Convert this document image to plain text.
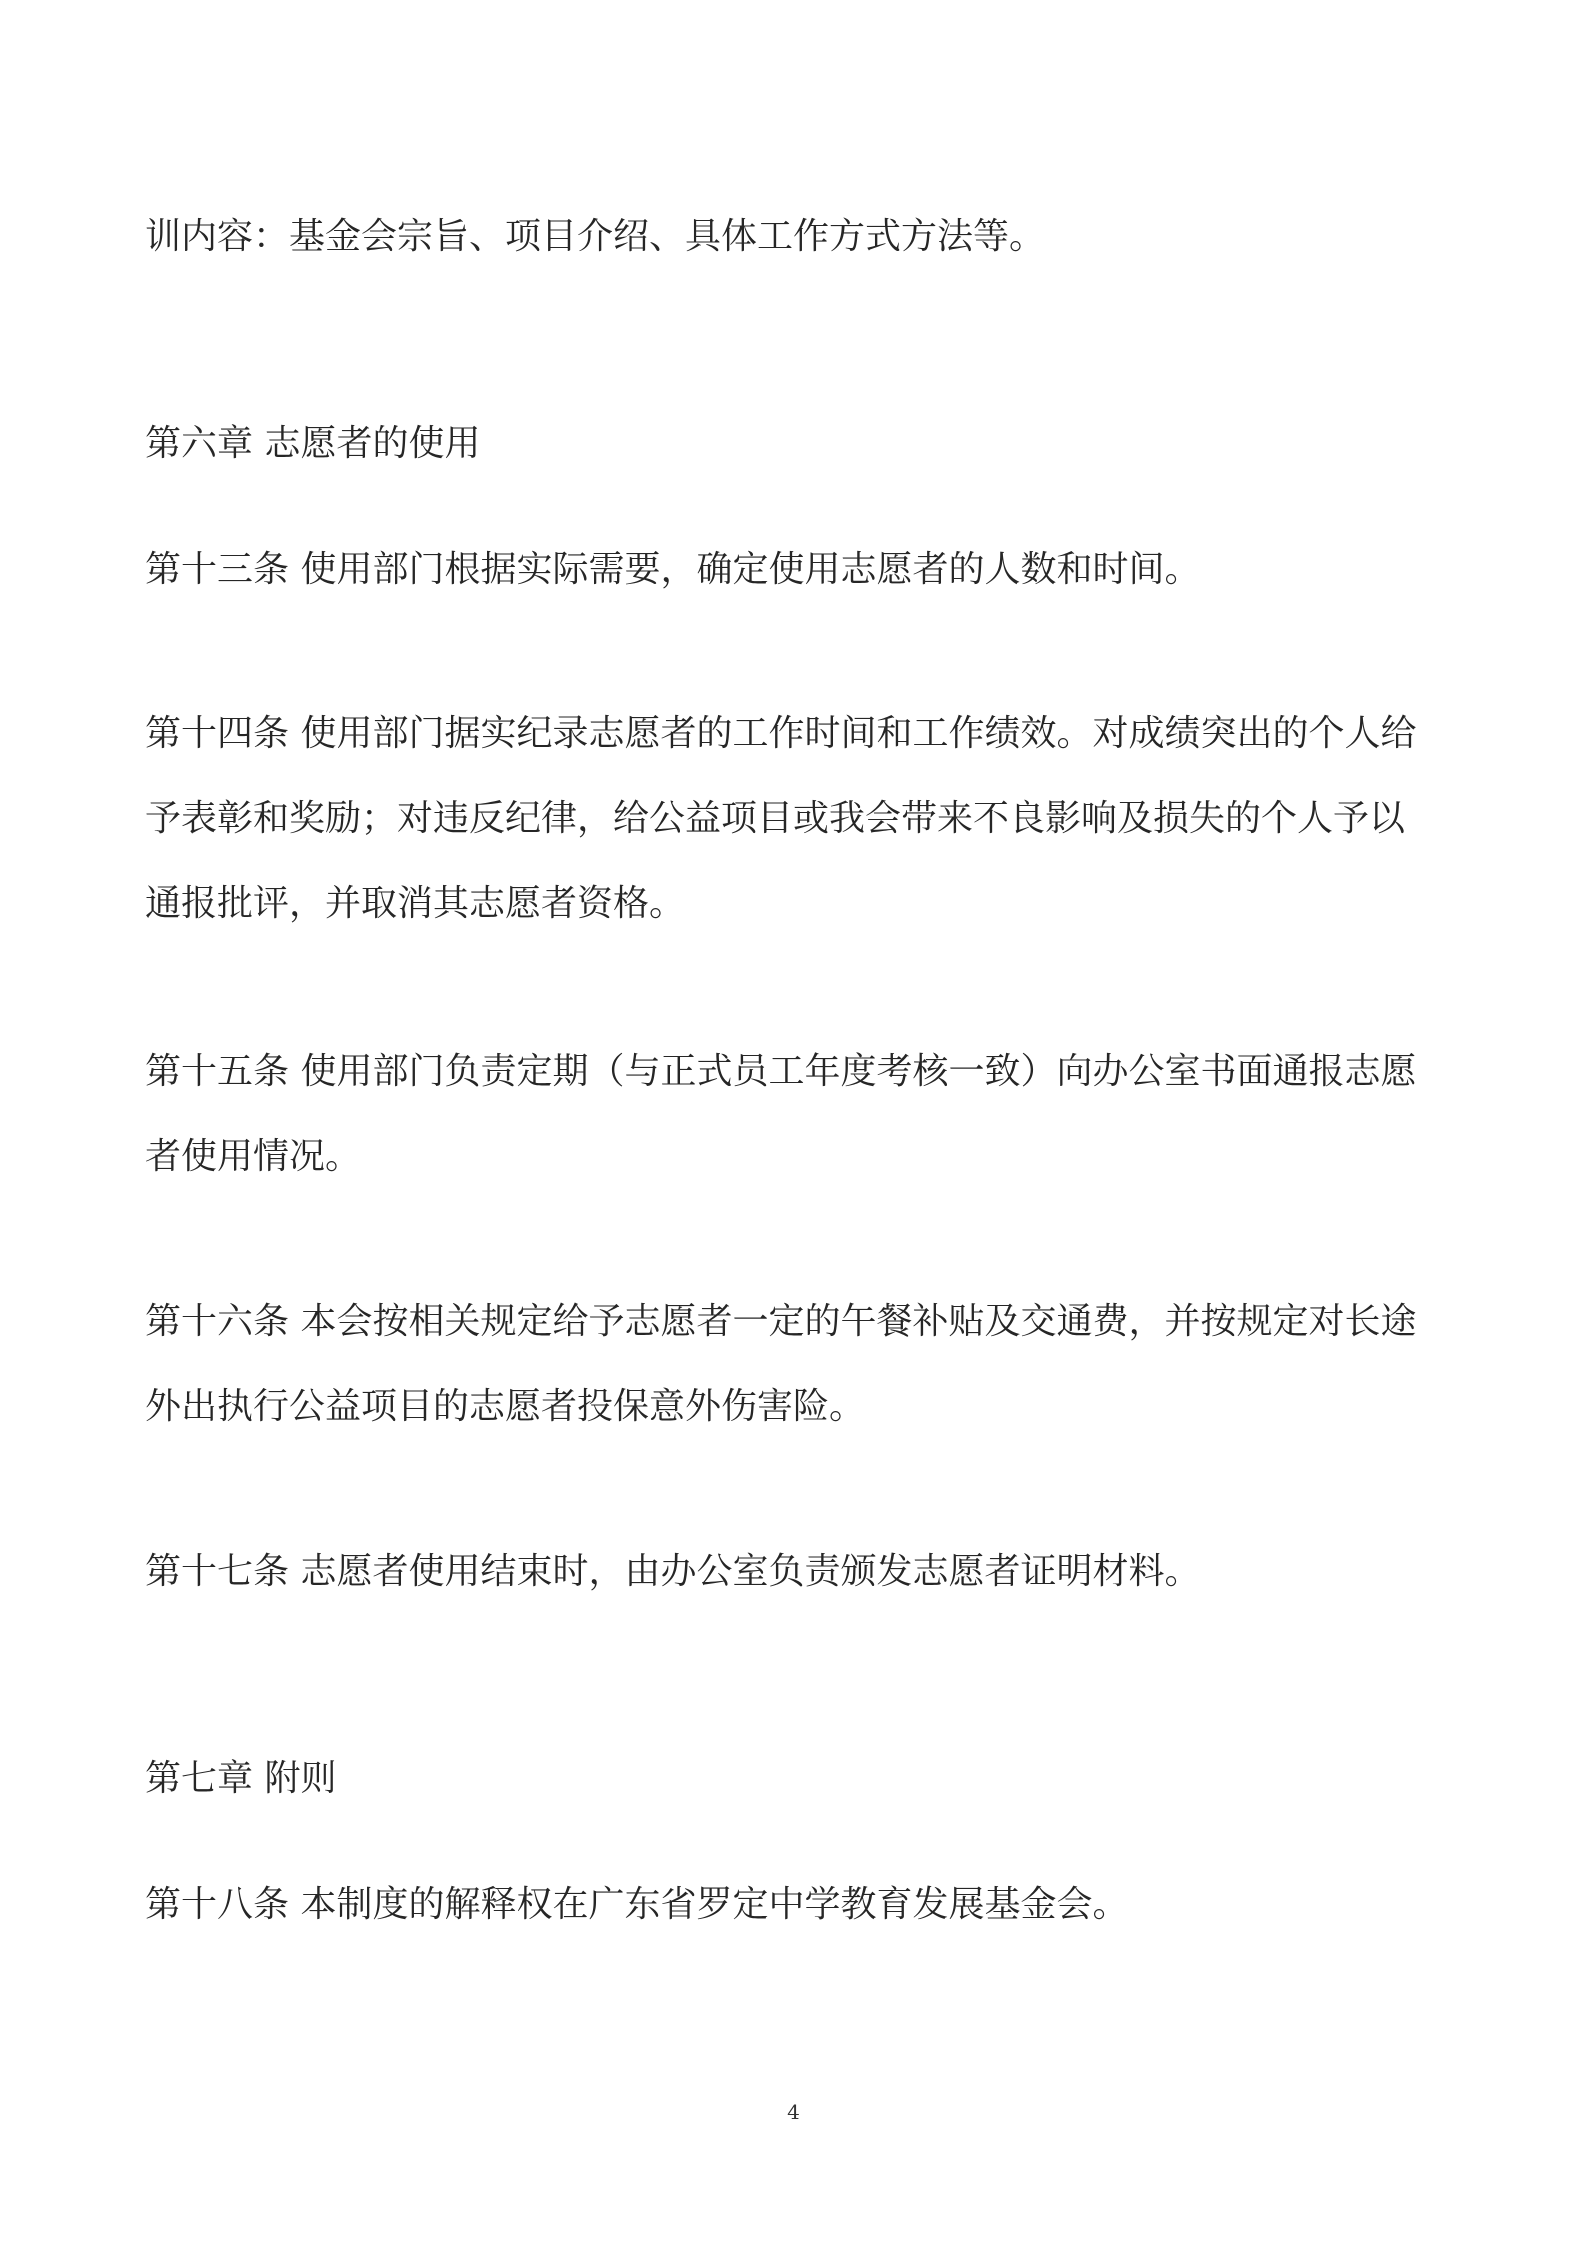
训内容：基金会宗旨、项目介绍、具体工作方式方法等。
第六章 志愿者的使用
第十三条 使用部门根据实际需要，确定使用志愿者的人数和时间。
第十四条 使用部门据实纪录志愿者的工作时间和工作绩效。对成绩突出的个人给
予表彰和奖励；对违反纪律，给公益项目或我会带来不良影响及损失的个人予以
通报批评，并取消其志愿者资格。
第十五条 使用部门负责定期（与正式员工年度考核一致）向办公室书面通报志愿
者使用情况。
第十六条 本会按相关规定给予志愿者一定的午餐补贴及交通费，并按规定对长途
外出执行公益项目的志愿者投保意外伤害险。
第十七条 志愿者使用结束时，由办公室负责颁发志愿者证明材料。
第七章 附则
第十八条 本制度的解释权在广东省罗定中学教育发展基金会。
4
